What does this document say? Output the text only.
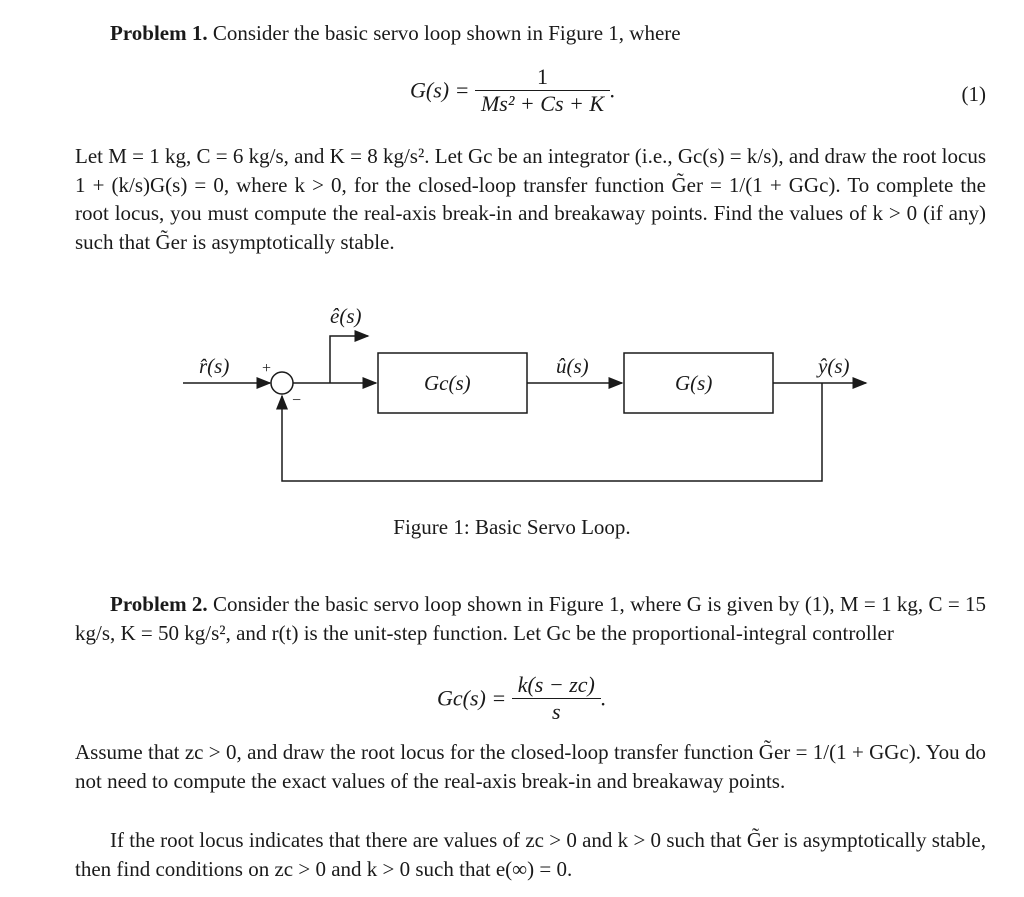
Problem 1. Consider the basic servo loop shown in Figure 1, where
$G(s) = \frac{1}{\text{Ms² + Cs + K}}$ .	(1)
Let M = 1 kg, C = 6 kg/s, and K = 8 kg/s². Let Gc be an integrator (i.e., Gc(s) = k/s), and draw the root locus 1 + (k/s)G(s) = 0, where k > 0, for the closed-loop transfer function G̃er = 1/(1 + GGc). To complete the root locus, you must compute the real-axis break-in and breakaway points. Find the values of k > 0 (if any) such that G̃er is asymptotically stable.
r̂(s)
ê(s)
û(s)	ŷ(s)
Gc(s)	G(s)
+
−
Figure 1: Basic Servo Loop.
Problem 2. Consider the basic servo loop shown in Figure 1, where G is given by (1), M = 1 kg, C = 15 kg/s, K = 50 kg/s², and r(t) is the unit-step function. Let Gc be the proportional-integral controller
$Gc(s) = \frac{k(s - zc)}{s}$ .
Assume that zc > 0, and draw the root locus for the closed-loop transfer function G̃er = 1/(1 + GGc). You do not need to compute the exact values of the real-axis break-in and breakaway points.
If the root locus indicates that there are values of zc > 0 and k > 0 such that G̃er is asymptotically stable, then find conditions on zc > 0 and k > 0 such that e(∞) = 0.
